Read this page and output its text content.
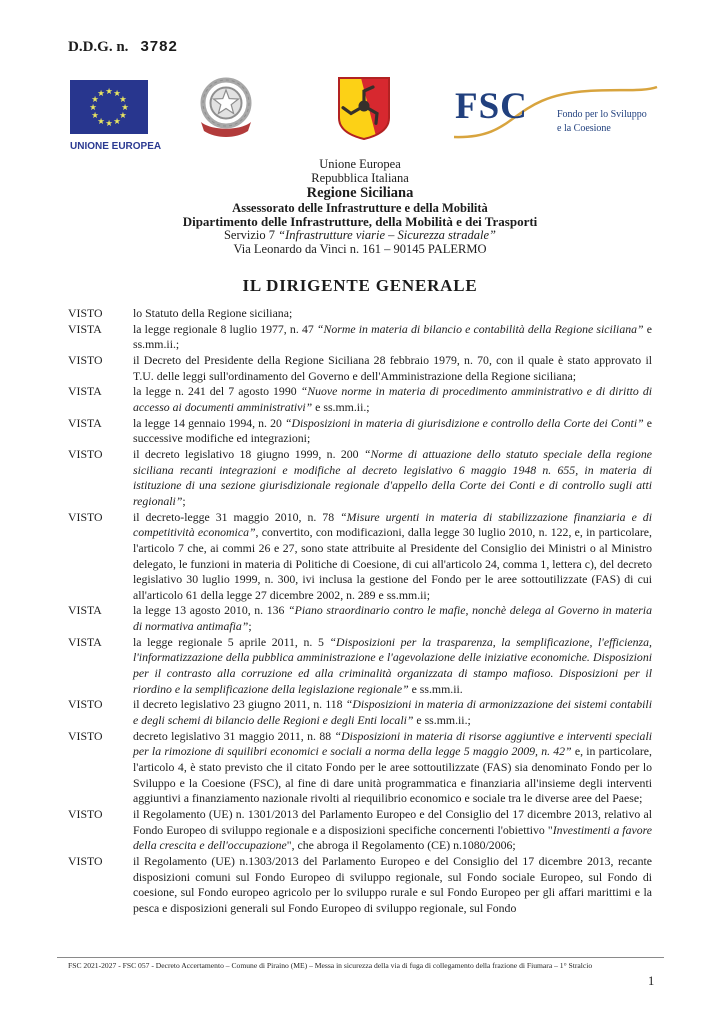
D.D.G. n. 3782
★ ★
★
★
★
★
★
★
★
★
★
★
UNIONE EUROPEA
FSC	Fondo per lo Sviluppo
e la Coesione
Unione Europea
Repubblica Italiana
Regione Siciliana
Assessorato delle Infrastrutture e della Mobilità
Dipartimento delle Infrastrutture, della Mobilità e dei Trasporti
Servizio 7 “Infrastrutture viarie – Sicurezza stradale”
Via Leonardo da Vinci n. 161 – 90145 PALERMO
IL DIRIGENTE GENERALE
VISTO	lo Statuto della Regione siciliana;
VISTA	la legge regionale 8 luglio 1977, n. 47 “Norme in materia di bilancio e contabilità della Regione siciliana” e ss.mm.ii.;
VISTO	il Decreto del Presidente della Regione Siciliana 28 febbraio 1979, n. 70, con il quale è stato approvato il T.U. delle leggi sull'ordinamento del Governo e dell'Amministrazione della Regione siciliana;
VISTA	la legge n. 241 del 7 agosto 1990 “Nuove norme in materia di procedimento amministrativo e di diritto di accesso ai documenti amministrativi” e ss.mm.ii.;
VISTA	la legge 14 gennaio 1994, n. 20 “Disposizioni in materia di giurisdizione e controllo della Corte dei Conti” e successive modifiche ed integrazioni;
VISTO	il decreto legislativo 18 giugno 1999, n. 200 “Norme di attuazione dello statuto speciale della regione siciliana recanti integrazioni e modifiche al decreto legislativo 6 maggio 1948 n. 655, in materia di istituzione di una sezione giurisdizionale regionale d'appello della Corte dei Conti e di controllo sugli atti regionali”;
VISTO	il decreto-legge 31 maggio 2010, n. 78 “Misure urgenti in materia di stabilizzazione finanziaria e di competitività economica”, convertito, con modificazioni, dalla legge 30 luglio 2010, n. 122, e, in particolare, l'articolo 7 che, ai commi 26 e 27, sono state attribuite al Presidente del Consiglio dei Ministri o al Ministro delegato, le funzioni in materia di Politiche di Coesione, di cui all'articolo 24, comma 1, lettera c), del decreto legislativo 30 luglio 1999, n. 300, ivi inclusa la gestione del Fondo per le aree sottoutilizzate (FAS) di cui all'articolo 61 della legge 27 dicembre 2002, n. 289 e ss.mm.ii;
VISTA	la legge 13 agosto 2010, n. 136 “Piano straordinario contro le mafie, nonchè delega al Governo in materia di normativa antimafia”;
VISTA	la legge regionale 5 aprile 2011, n. 5 “Disposizioni per la trasparenza, la semplificazione, l'efficienza, l'informatizzazione della pubblica amministrazione e l'agevolazione delle iniziative economiche. Disposizioni per il contrasto alla corruzione ed alla criminalità organizzata di stampo mafioso. Disposizioni per il riordino e la semplificazione della legislazione regionale” e ss.mm.ii.
VISTO	il decreto legislativo 23 giugno 2011, n. 118 “Disposizioni in materia di armonizzazione dei sistemi contabili e degli schemi di bilancio delle Regioni e degli Enti locali” e ss.mm.ii.;
VISTO	decreto legislativo 31 maggio 2011, n. 88 “Disposizioni in materia di risorse aggiuntive e interventi speciali per la rimozione di squilibri economici e sociali a norma della legge 5 maggio 2009, n. 42” e, in particolare, l'articolo 4, è stato previsto che il citato Fondo per le aree sottoutilizzate (FAS) sia denominato Fondo per lo Sviluppo e la Coesione (FSC), al fine di dare unità programmatica e finanziaria all'insieme degli interventi aggiuntivi a finanziamento nazionale rivolti al riequilibrio economico e sociale tra le diverse aree del Paese;
VISTO	il Regolamento (UE) n. 1301/2013 del Parlamento Europeo e del Consiglio del 17 dicembre 2013, relativo al Fondo Europeo di sviluppo regionale e a disposizioni specifiche concernenti l'obiettivo "Investimenti a favore della crescita e dell'occupazione", che abroga il Regolamento (CE) n.1080/2006;
VISTO	il Regolamento (UE) n.1303/2013 del Parlamento Europeo e del Consiglio del 17 dicembre 2013, recante disposizioni comuni sul Fondo Europeo di sviluppo regionale, sul Fondo sociale Europeo, sul Fondo di coesione, sul Fondo europeo agricolo per lo sviluppo rurale e sul Fondo Europeo per gli affari marittimi e la pesca e disposizioni generali sul Fondo Europeo di sviluppo regionale, sul Fondo
FSC 2021-2027 - FSC 057 - Decreto Accertamento – Comune di Piraino (ME) – Messa in sicurezza della via di fuga di collegamento della frazione di Fiumara – 1° Stralcio
1
